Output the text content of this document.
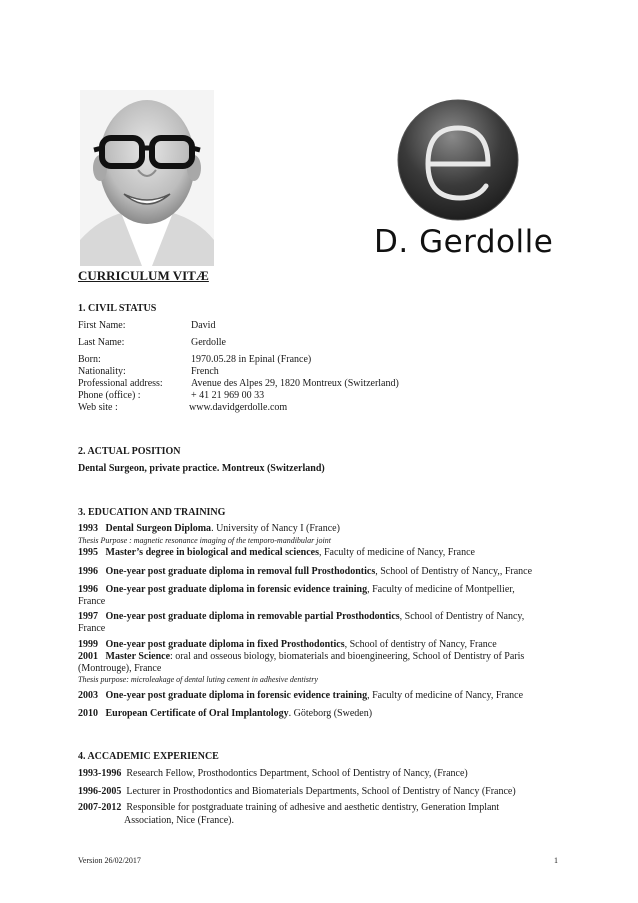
D. Gerdolle
CURRICULUM VITÆ
1. CIVIL STATUS
First Name:	David
Last Name:	Gerdolle
Born:	1970.05.28 in Epinal (France)
Nationality:	French
Professional address:	Avenue des Alpes 29, 1820 Montreux (Switzerland)
Phone (office) :	+ 41 21 969 00 33
Web site :	www.davidgerdolle.com
2. ACTUAL POSITION
Dental Surgeon, private practice. Montreux (Switzerland)
3. EDUCATION AND TRAINING
1993 Dental Surgeon Diploma. University of Nancy I (France)
Thesis Purpose : magnetic resonance imaging of the temporo-mandibular joint
1995 Master’s degree in biological and medical sciences, Faculty of medicine of Nancy, France
1996 One-year post graduate diploma in removal full Prosthodontics, School of Dentistry of Nancy,, France
1996 One-year post graduate diploma in forensic evidence training, Faculty of medicine of Montpellier,
France
1997 One-year post graduate diploma in removable partial Prosthodontics, School of Dentistry of Nancy,
France
1999 One-year post graduate diploma in fixed Prosthodontics, School of dentistry of Nancy, France
2001 Master Science: oral and osseous biology, biomaterials and bioengineering, School of Dentistry of Paris
(Montrouge), France
Thesis purpose: microleakage of dental luting cement in adhesive dentistry
2003 One-year post graduate diploma in forensic evidence training, Faculty of medicine of Nancy, France
2010 European Certificate of Oral Implantology. Göteborg (Sweden)
4. ACCADEMIC EXPERIENCE
1993-1996 Research Fellow, Prosthodontics Department, School of Dentistry of Nancy, (France)
1996-2005 Lecturer in Prosthodontics and Biomaterials Departments, School of Dentistry of Nancy (France)
2007-2012 Responsible for postgraduate training of adhesive and aesthetic dentistry, Generation Implant
Association, Nice (France).
Version 26/02/2017	1
